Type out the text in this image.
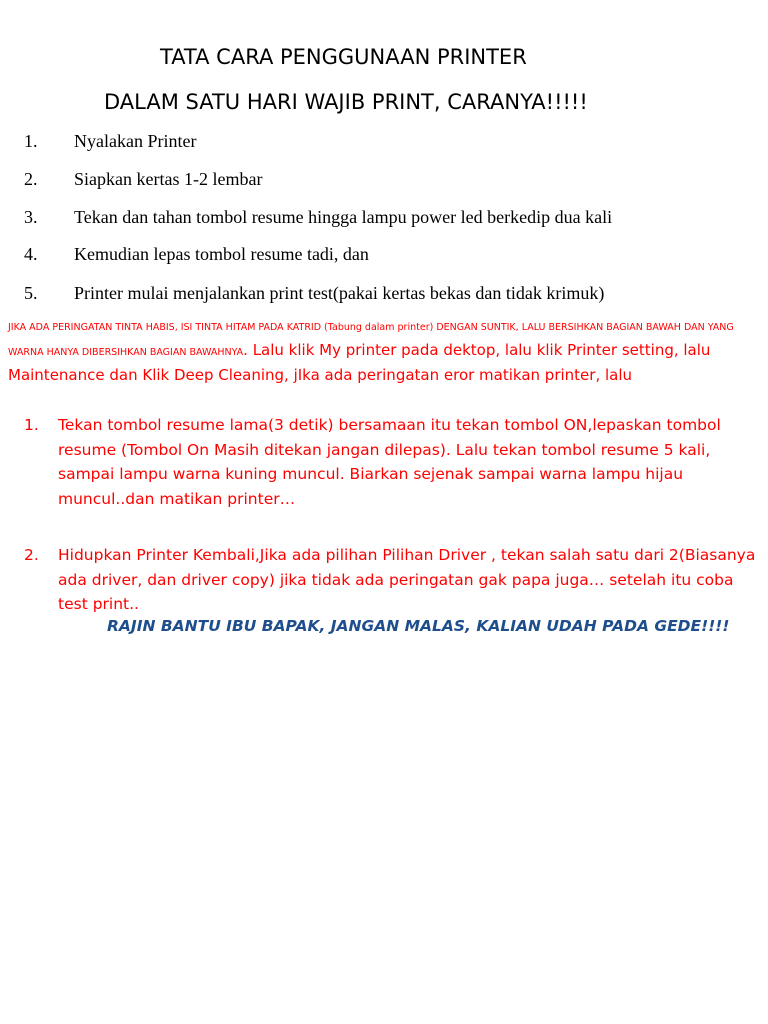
TATA CARA PENGGUNAAN PRINTER
DALAM SATU HARI WAJIB PRINT, CARANYA!!!!!
1. Nyalakan Printer
2. Siapkan kertas 1-2 lembar
3. Tekan dan tahan tombol resume hingga lampu power led berkedip dua kali
4. Kemudian lepas tombol resume tadi, dan
5. Printer mulai menjalankan print test(pakai kertas bekas dan tidak krimuk)
JIKA ADA PERINGATAN TINTA HABIS, ISI TINTA HITAM PADA KATRID (Tabung dalam printer) DENGAN SUNTIK, LALU BERSIHKAN BAGIAN BAWAH DAN YANG WARNA HANYA DIBERSIHKAN BAGIAN BAWAHNYA. Lalu klik My printer pada dektop, lalu klik Printer setting, lalu Maintenance dan Klik Deep Cleaning, jIka ada peringatan eror matikan printer, lalu
1. Tekan tombol resume lama(3 detik) bersamaan itu tekan tombol ON,lepaskan tombol resume (Tombol On Masih ditekan jangan dilepas). Lalu tekan tombol resume 5 kali, sampai lampu warna kuning muncul. Biarkan sejenak sampai warna lampu hijau muncul..dan matikan printer…
2. Hidupkan Printer Kembali,Jika ada pilihan Pilihan Driver , tekan salah satu dari 2(Biasanya ada driver, dan driver copy) jika tidak ada peringatan gak papa juga… setelah itu coba test print..
RAJIN BANTU IBU BAPAK, JANGAN MALAS, KALIAN UDAH PADA GEDE!!!!
